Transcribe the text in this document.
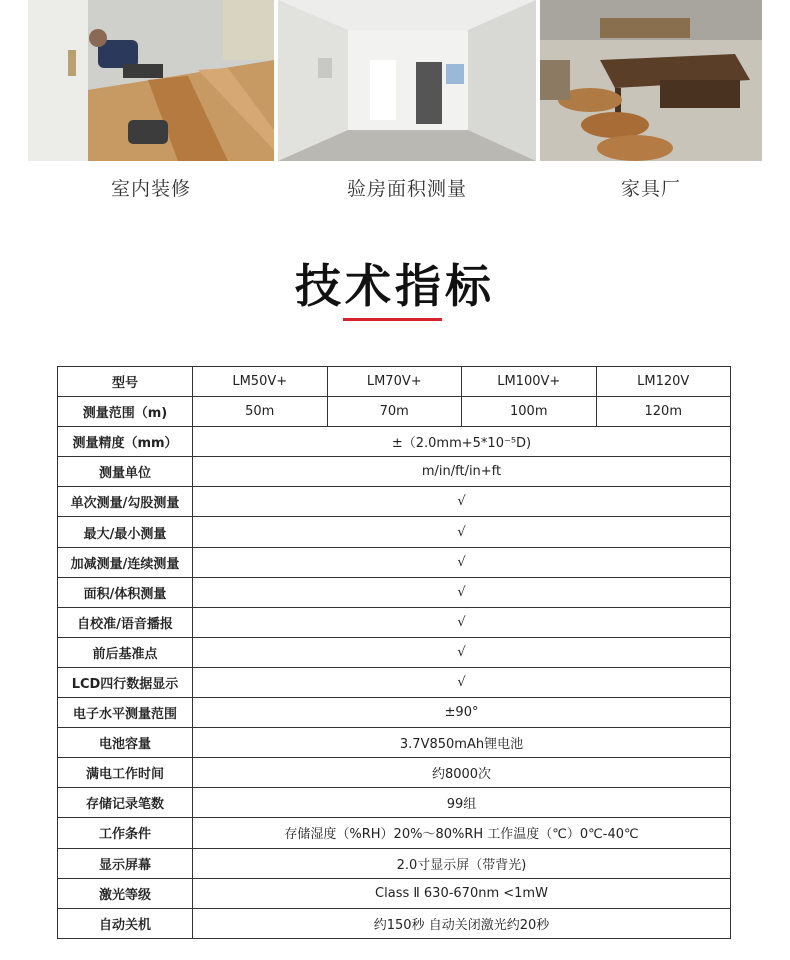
室内装修	验房面积测量	家具厂
技术指标
型号	LM50V+	LM70V+	LM100V+	LM120V
测量范围（m)	50m	70m	100m	120m
测量精度（mm）	±（2.0mm+5*10⁻⁵D)			
测量单位	m/in/ft/in+ft			
单次测量/勾股测量	√			
最大/最小测量	√			
加减测量/连续测量	√			
面积/体积测量	√			
自校准/语音播报	√			
前后基准点	√			
LCD四行数据显示	√			
电子水平测量范围	±90°			
电池容量	3.7V850mAh锂电池			
满电工作时间	约8000次			
存储记录笔数	99组			
工作条件	存储湿度（%RH）20%～80%RH 工作温度（℃）0℃-40℃			
显示屏幕	2.0寸显示屏（带背光)			
激光等级	Class Ⅱ 630-670nm <1mW			
自动关机	约150秒 自动关闭激光约20秒			
